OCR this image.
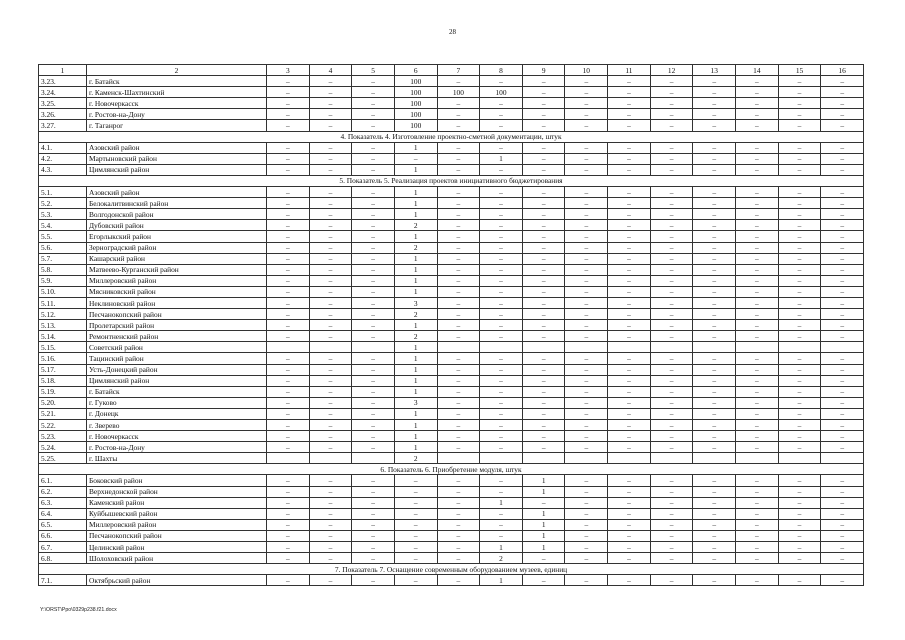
28
1	2	3	4	5	6	7	8	9	10	11	12	13	14	15	16
3.23.	г. Батайск	–	–	–	100	–	–	–	–	–	–	–	–	–	–
3.24.	г. Каменск-Шахтинский	–	–	–	100	100	100	–	–	–	–	–	–	–	–
3.25.	г. Новочеркасск	–	–	–	100	–	–	–	–	–	–	–	–	–	–
3.26.	г. Ростов-на-Дону	–	–	–	100	–	–	–	–	–	–	–	–	–	–
3.27.	г. Таганрог	–	–	–	100	–	–	–	–	–	–	–	–	–	–
4. Показатель 4. Изготовление проектно-сметной документации, штук															
4.1.	Азовский район	–	–	–	1	–	–	–	–	–	–	–	–	–	–
4.2.	Мартыновский район	–	–	–	–	–	1	–	–	–	–	–	–	–	–
4.3.	Цимлянский район	–	–	–	1	–	–	–	–	–	–	–	–	–	–
5. Показатель 5. Реализация проектов инициативного бюджетирования															
5.1.	Азовский район	–	–	–	1	–	–	–	–	–	–	–	–	–	–
5.2.	Белокалитвинский район	–	–	–	1	–	–	–	–	–	–	–	–	–	–
5.3.	Волгодонской район	–	–	–	1	–	–	–	–	–	–	–	–	–	–
5.4.	Дубовский район	–	–	–	2	–	–	–	–	–	–	–	–	–	–
5.5.	Егорлыкский район	–	–	–	1	–	–	–	–	–	–	–	–	–	–
5.6.	Зерноградский район	–	–	–	2	–	–	–	–	–	–	–	–	–	–
5.7.	Кашарский район	–	–	–	1	–	–	–	–	–	–	–	–	–	–
5.8.	Матвеево-Курганский район	–	–	–	1	–	–	–	–	–	–	–	–	–	–
5.9.	Миллеровский район	–	–	–	1	–	–	–	–	–	–	–	–	–	–
5.10.	Мясниковский район	–	–	–	1	–	–	–	–	–	–	–	–	–	–
5.11.	Неклиновский район	–	–	–	3	–	–	–	–	–	–	–	–	–	–
5.12.	Песчанокопский район	–	–	–	2	–	–	–	–	–	–	–	–	–	–
5.13.	Пролетарский район	–	–	–	1	–	–	–	–	–	–	–	–	–	–
5.14.	Ремонтненский район	–	–	–	2	–	–	–	–	–	–	–	–	–	–
5.15.	Советский район				1										
5.16.	Тацинский район	–	–	–	1	–	–	–	–	–	–	–	–	–	–
5.17.	Усть-Донецкий район	–	–	–	1	–	–	–	–	–	–	–	–	–	–
5.18.	Цимлянский район	–	–	–	1	–	–	–	–	–	–	–	–	–	–
5.19.	г. Батайск	–	–	–	1	–	–	–	–	–	–	–	–	–	–
5.20.	г. Гуково	–	–	–	3	–	–	–	–	–	–	–	–	–	–
5.21.	г. Донецк	–	–	–	1	–	–	–	–	–	–	–	–	–	–
5.22.	г. Зверево	–	–	–	1	–	–	–	–	–	–	–	–	–	–
5.23.	г. Новочеркасск	–	–	–	1	–	–	–	–	–	–	–	–	–	–
5.24.	г. Ростов-на-Дону	–	–	–	1	–	–	–	–	–	–	–	–	–	–
5.25.	г. Шахты				2										
6. Показатель 6. Приобретение модуля, штук															
6.1.	Боковский район	–	–	–	–	–	–	1	–	–	–	–	–	–	–
6.2.	Верхнедонской район	–	–	–	–	–	–	1	–	–	–	–	–	–	–
6.3.	Каменский район	–	–	–	–	–	1	–	–	–	–	–	–	–	–
6.4.	Куйбышевский район	–	–	–	–	–	–	1	–	–	–	–	–	–	–
6.5.	Миллеровский район	–	–	–	–	–	–	1	–	–	–	–	–	–	–
6.6.	Песчанокопский район	–	–	–	–	–	–	1	–	–	–	–	–	–	–
6.7.	Целинский район	–	–	–	–	–	1	1	–	–	–	–	–	–	–
6.8.	Шолоховский район	–	–	–	–	–	2	–	–	–	–	–	–	–	–
7. Показатель 7. Оснащение современным оборудованием музеев, единиц															
7.1.	Октябрьский район	–	–	–	–	–	1	–	–	–	–	–	–	–	–
Y:\ORST\Ppo\0329p238.f21.docx
